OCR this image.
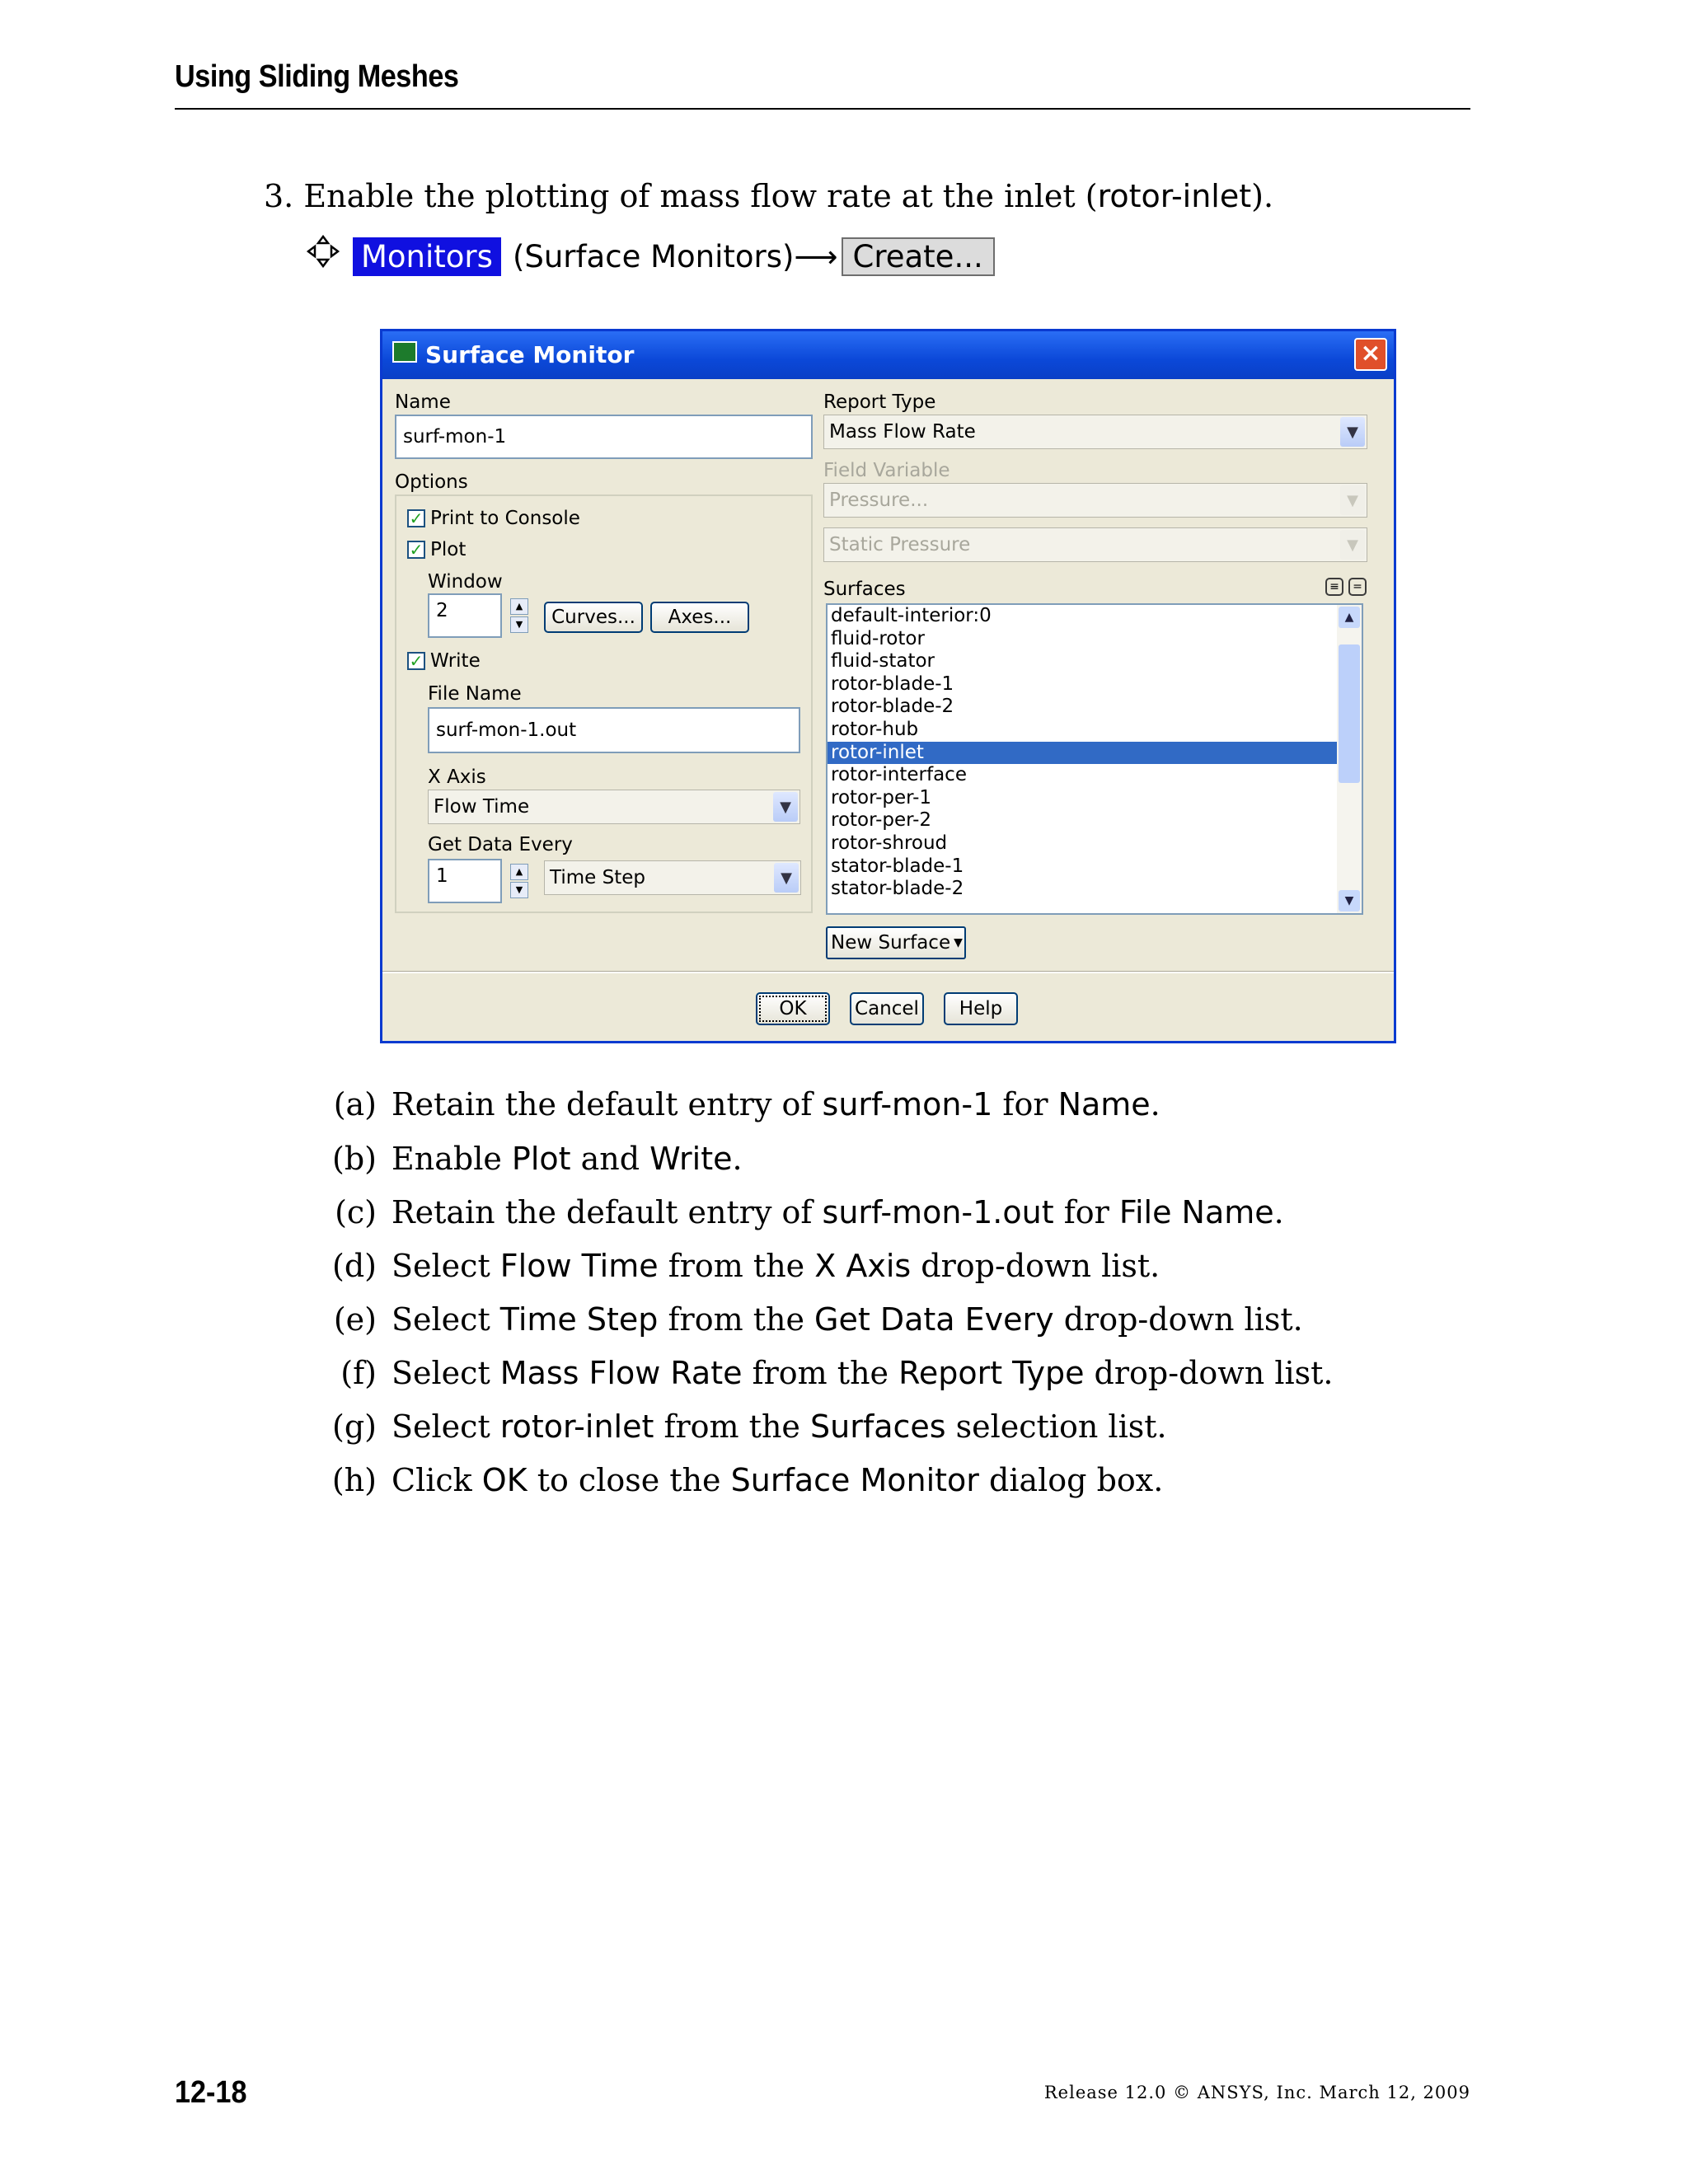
Using Sliding Meshes
3. Enable the plotting of mass flow rate at the inlet (rotor-inlet).
Monitors (Surface Monitors) ⟶ Create...
Surface Monitor	×
Name
surf-mon-1
Options
✓ Print to Console
✓ Plot
Window
2	▲
▼	Curves...	Axes...
✓ Write
File Name
surf-mon-1.out
X Axis
Flow Time	▼
Get Data Every
1	▲
▼
Time Step	▼
Report Type
Mass Flow Rate	▼
Field Variable
Pressure...	▼
Static Pressure	▼
Surfaces	≡	=
default-interior:0
fluid-rotor
fluid-stator
rotor-blade-1
rotor-blade-2
rotor-hub
rotor-inlet
rotor-interface
rotor-per-1
rotor-per-2
rotor-shroud
stator-blade-1
stator-blade-2
▲
▼
New Surface ▼
OK	Cancel	Help
(a) Retain the default entry of surf-mon-1 for Name.
(b) Enable Plot and Write.
(c) Retain the default entry of surf-mon-1.out for File Name.
(d) Select Flow Time from the X Axis drop-down list.
(e) Select Time Step from the Get Data Every drop-down list.
(f) Select Mass Flow Rate from the Report Type drop-down list.
(g) Select rotor-inlet from the Surfaces selection list.
(h) Click OK to close the Surface Monitor dialog box.
12-18	Release 12.0 © ANSYS, Inc. March 12, 2009
